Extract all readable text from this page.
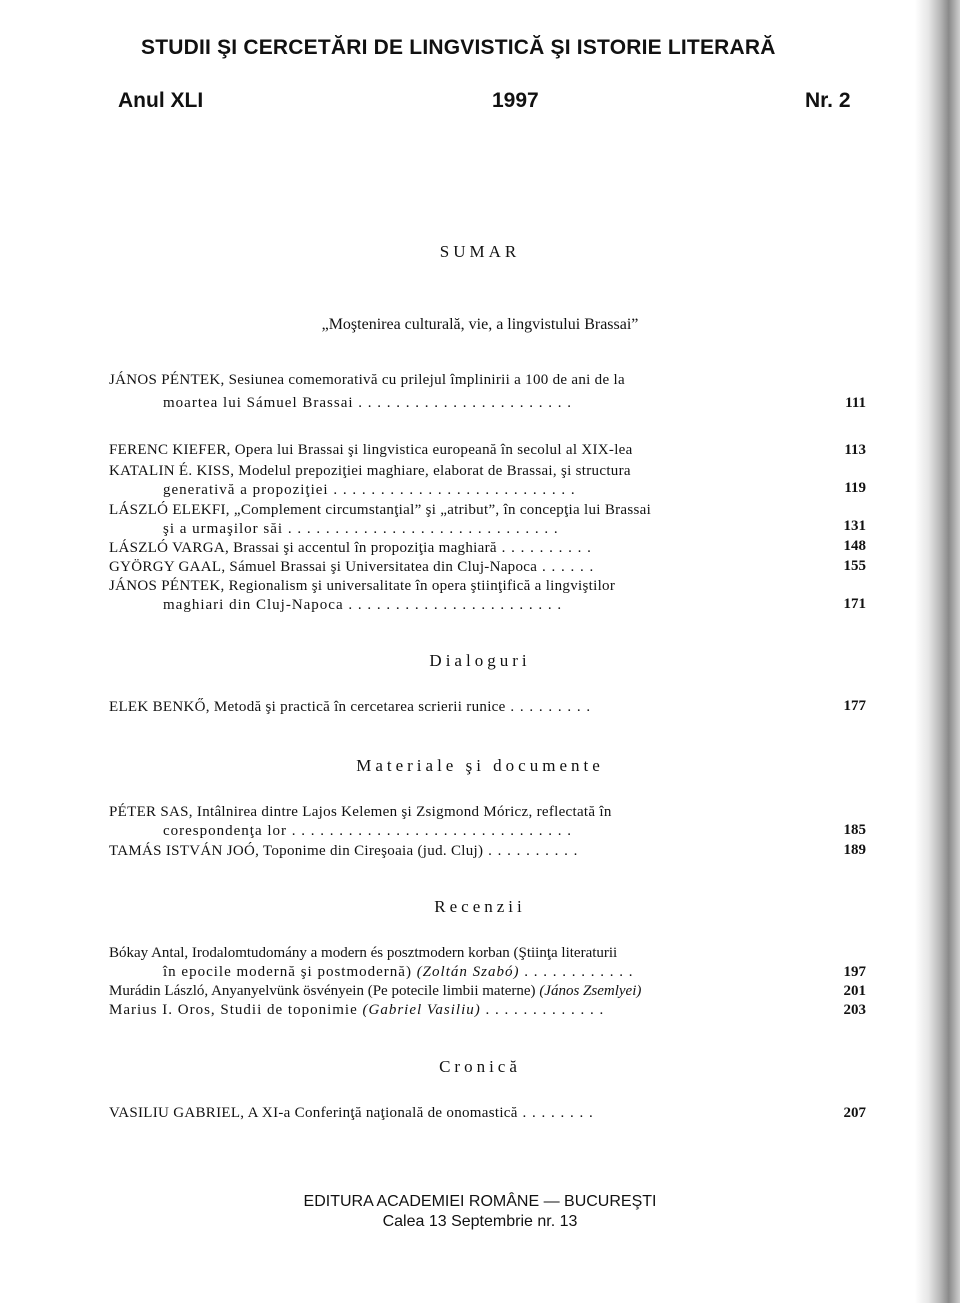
STUDII ŞI CERCETĂRI DE LINGVISTICĂ ŞI ISTORIE LITERARĂ
Anul XLI	1997	Nr. 2
SUMAR
„Moştenirea culturală, vie, a lingvistului Brassai”
JÁNOS PÉNTEK, Sesiunea comemorativă cu prilejul împlinirii a 100 de ani de la
moartea lui Sámuel Brassai . . . . . . . . . . . . . . . . . . . . . . .	111
FERENC KIEFER, Opera lui Brassai şi lingvistica europeană în secolul al XIX-lea	113
KATALIN É. KISS, Modelul prepoziţiei maghiare, elaborat de Brassai, şi structura
generativă a propoziţiei . . . . . . . . . . . . . . . . . . . . . . . . . .	119
LÁSZLÓ ELEKFI, „Complement circumstanţial” şi „atribut”, în concepţia lui Brassai
şi a urmaşilor săi . . . . . . . . . . . . . . . . . . . . . . . . . . . . .	131
LÁSZLÓ VARGA, Brassai şi accentul în propoziţia maghiară . . . . . . . . . .	148
GYÖRGY GAAL, Sámuel Brassai şi Universitatea din Cluj-Napoca . . . . . .	155
JÁNOS PÉNTEK, Regionalism şi universalitate în opera ştiinţifică a lingviştilor
maghiari din Cluj-Napoca . . . . . . . . . . . . . . . . . . . . . . .	171
Dialoguri
ELEK BENKŐ, Metodă şi practică în cercetarea scrierii runice . . . . . . . . .	177
Materiale şi documente
PÉTER SAS, Intâlnirea dintre Lajos Kelemen şi Zsigmond Móricz, reflectată în
corespondenţa lor . . . . . . . . . . . . . . . . . . . . . . . . . . . . . .	185
TAMÁS ISTVÁN JOÓ, Toponime din Cireşoaia (jud. Cluj) . . . . . . . . . .	189
Recenzii
Bókay Antal, Irodalomtudomány a modern és posztmodern korban (Ştiinţa literaturii
în epocile modernă şi postmodernă) (Zoltán Szabó) . . . . . . . . . . . .	197
Murádin László, Anyanyelvünk ösvényein (Pe potecile limbii materne) (János Zsemlyei)	201
Marius I. Oros, Studii de toponimie (Gabriel Vasiliu) . . . . . . . . . . . . .	203
Cronică
VASILIU GABRIEL, A XI-a Conferinţă naţională de onomastică . . . . . . . .	207
EDITURA ACADEMIEI ROMÂNE — BUCUREŞTI
Calea 13 Septembrie nr. 13
